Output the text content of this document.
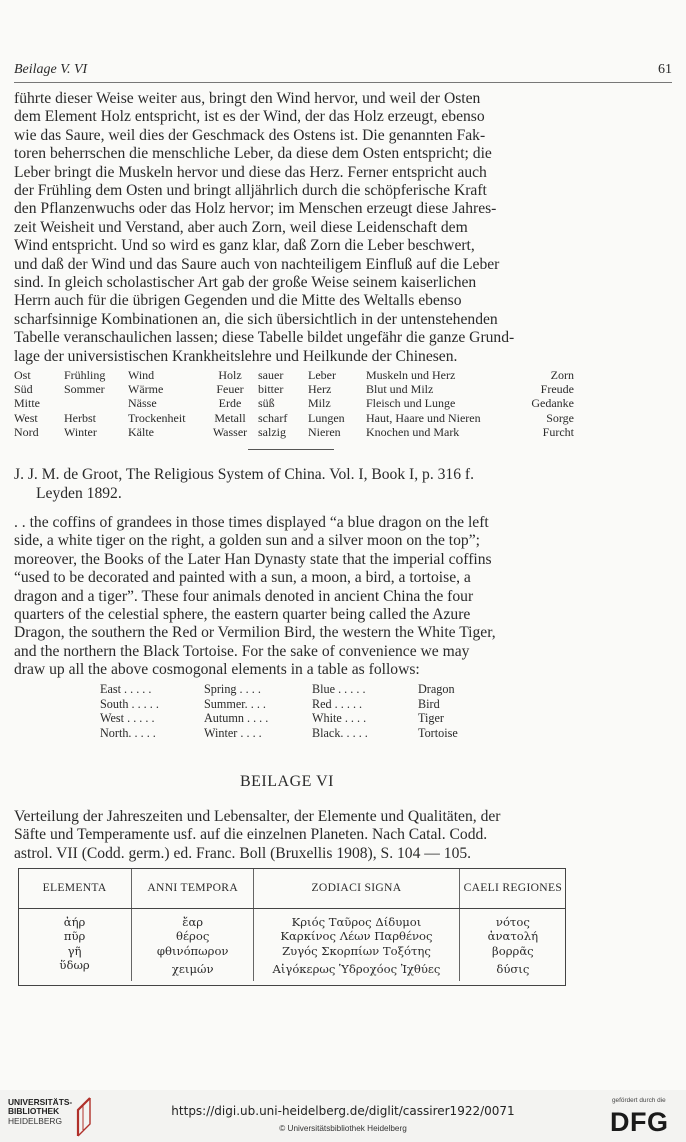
Beilage V. VI	61

führte dieser Weise weiter aus, bringt den Wind hervor, und weil der Osten

dem Element Holz entspricht, ist es der Wind, der das Holz erzeugt, ebenso

wie das Saure, weil dies der Geschmack des Ostens ist. Die genannten Fak-

toren beherrschen die menschliche Leber, da diese dem Osten entspricht; die

Leber bringt die Muskeln hervor und diese das Herz. Ferner entspricht auch

der Frühling dem Osten und bringt alljährlich durch die schöpferische Kraft

den Pflanzenwuchs oder das Holz hervor; im Menschen erzeugt diese Jahres-

zeit Weisheit und Verstand, aber auch Zorn, weil diese Leidenschaft dem

Wind entspricht. Und so wird es ganz klar, daß Zorn die Leber beschwert,

und daß der Wind und das Saure auch von nachteiligem Einfluß auf die Leber

sind. In gleich scholastischer Art gab der große Weise seinem kaiserlichen

Herrn auch für die übrigen Gegenden und die Mitte des Weltalls ebenso

scharfsinnige Kombinationen an, die sich übersichtlich in der untenstehenden

Tabelle veranschaulichen lassen; diese Tabelle bildet ungefähr die ganze Grund-

lage der universistischen Krankheitslehre und Heilkunde der Chinesen.

Ost	Frühling	Wind	Holz	sauer	Leber	Muskeln und Herz	Zorn
Süd	Sommer	Wärme	Feuer	bitter	Herz	Blut und Milz	Freude
Mitte		Nässe	Erde	süß	Milz	Fleisch und Lunge	Gedanke
West	Herbst	Trockenheit	Metall	scharf	Lungen	Haut, Haare und Nieren	Sorge
Nord	Winter	Kälte	Wasser	salzig	Nieren	Knochen und Mark	Furcht
J. J. M. de Groot, The Religious System of China. Vol. I, Book I, p. 316 f.
Leyden 1892.

. . the coffins of grandees in those times displayed “a blue dragon on the left

side, a white tiger on the right, a golden sun and a silver moon on the top”;

moreover, the Books of the Later Han Dynasty state that the imperial coffins

“used to be decorated and painted with a sun, a moon, a bird, a tortoise, a

dragon and a tiger”. These four animals denoted in ancient China the four

quarters of the celestial sphere, the eastern quarter being called the Azure

Dragon, the southern the Red or Vermilion Bird, the western the White Tiger,

and the northern the Black Tortoise. For the sake of convenience we may

draw up all the above cosmogonal elements in a table as follows:

East . . . . .	Spring . . . .	Blue . . . . .	Dragon
South . . . . .	Summer. . . .	Red . . . . .	Bird
West . . . . .	Autumn . . . .	White . . . .	Tiger
North. . . . .	Winter . . . .	Black. . . . .	Tortoise
BEILAGE VI

Verteilung der Jahreszeiten und Lebensalter, der Elemente und Qualitäten, der

Säfte und Temperamente usf. auf die einzelnen Planeten. Nach Catal. Codd.

astrol. VII (Codd. germ.) ed. Franc. Boll (Bruxellis 1908), S. 104 — 105.

ELEMENTA	ANNI TEMPORA	ZODIACI SIGNA	CAELI REGIONES
ἀήρ	ἔαρ	Κριός Ταῦρος Δίδυμοι	νότος
πῦρ	θέρος	Καρκίνος Λέων Παρθένος	ἀνατολή
γῆ	φθινόπωρον	Ζυγός Σκορπίων Τοξότης	βορρᾶς
ὕδωρ	χειμών	Αἰγόκερως Ὑδροχόος Ἰχθύες	δύσις
UNIVERSITÄTS-
BIBLIOTHEK
HEIDELBERG
https://digi.ub.uni-heidelberg.de/diglit/cassirer1922/0071
© Universitätsbibliothek Heidelberg
gefördert durch die
DFG
